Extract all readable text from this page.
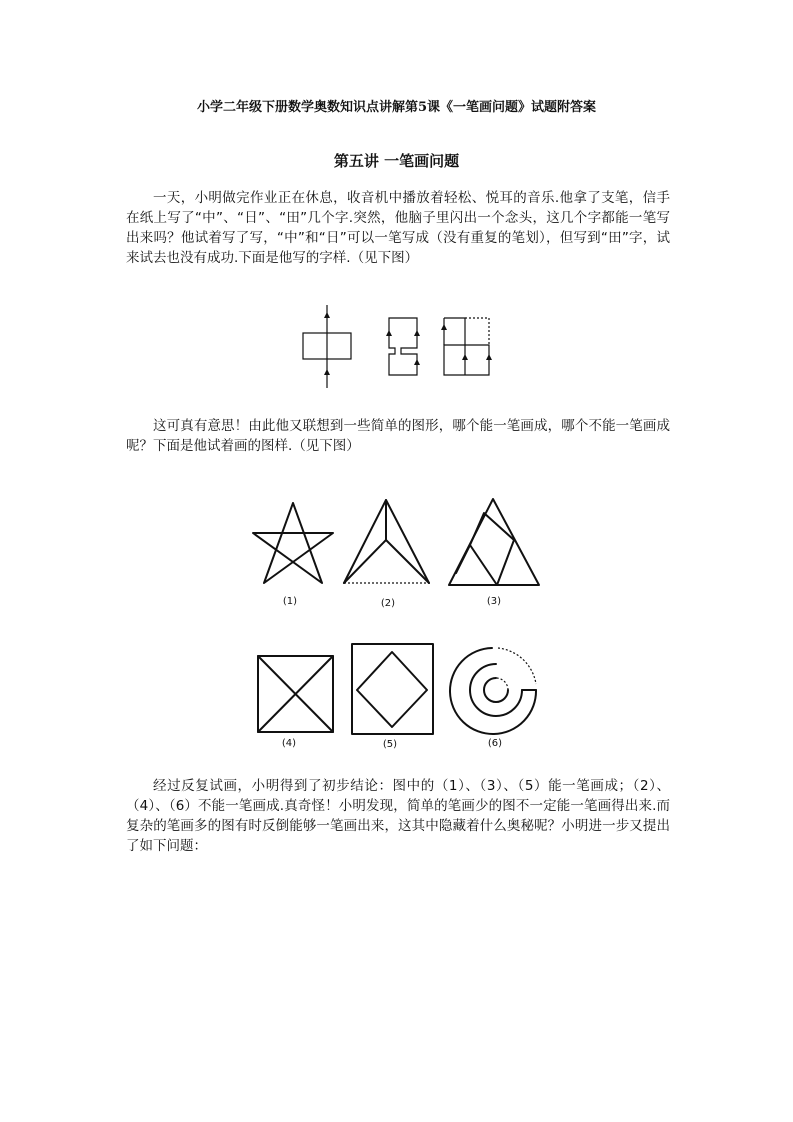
小学二年级下册数学奥数知识点讲解第5课《一笔画问题》试题附答案
第五讲 一笔画问题

一天，小明做完作业正在休息，收音机中播放着轻松、悦耳的音乐.他拿了支笔，信手在纸上写了“中”、“日”、“田”几个字.突然，他脑子里闪出一个念头，这几个字都能一笔写出来吗？他试着写了写，“中”和“日”可以一笔写成（没有重复的笔划），但写到“田”字，试来试去也没有成功.下面是他写的字样.（见下图）

这可真有意思！由此他又联想到一些简单的图形，哪个能一笔画成，哪个不能一笔画成呢？下面是他试着画的图样.（见下图）

(1)	(2)	(3)
(4)	(5)	(6)

经过反复试画，小明得到了初步结论：图中的（1）、（3）、（5）能一笔画成；（2）、（4）、（6）不能一笔画成.真奇怪！小明发现，简单的笔画少的图不一定能一笔画得出来.而复杂的笔画多的图有时反倒能够一笔画出来，这其中隐藏着什么奥秘呢？小明进一步又提出了如下问题：
